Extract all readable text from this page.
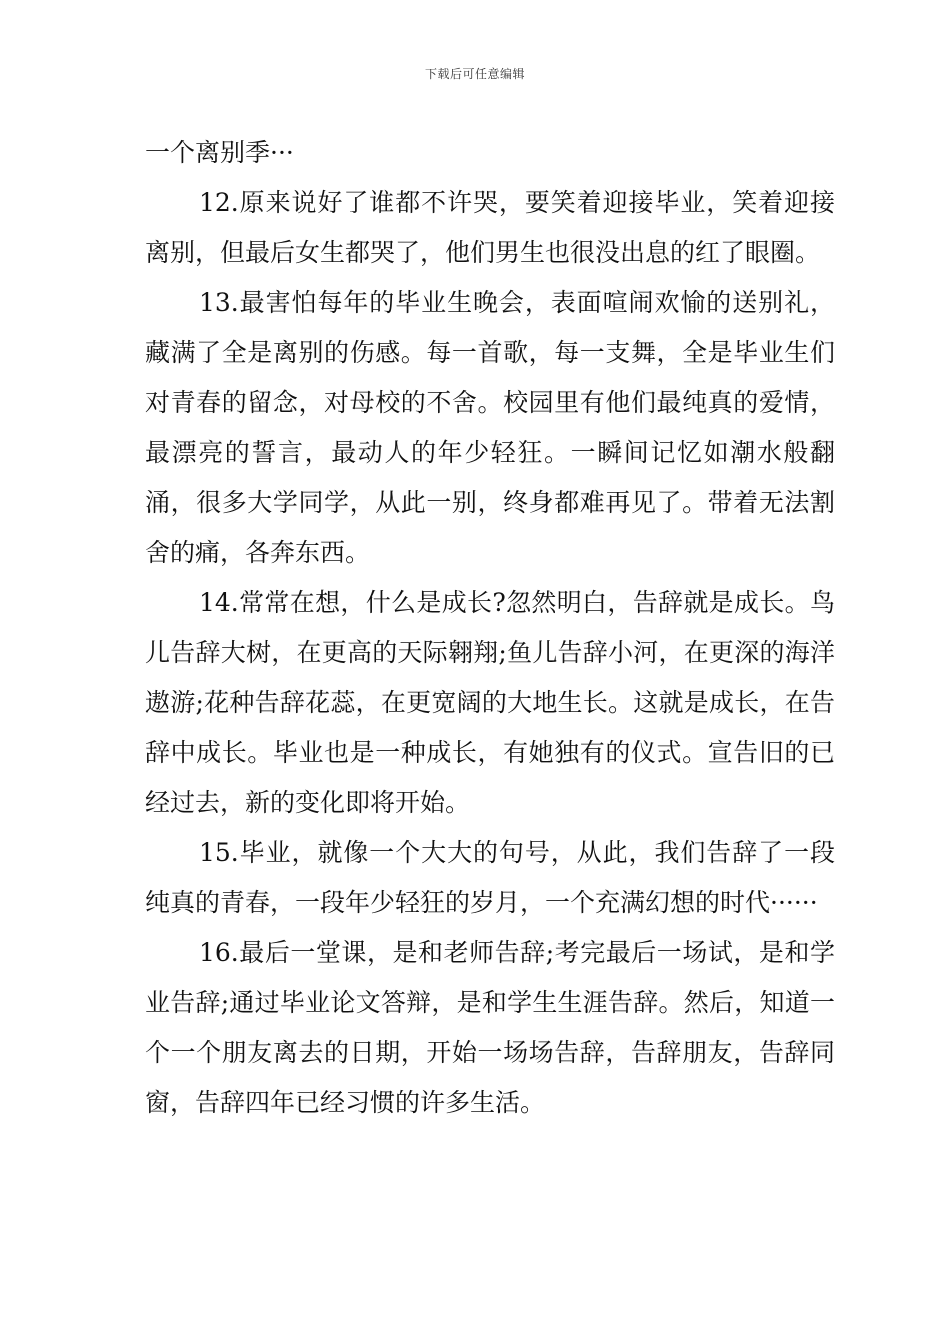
下载后可任意编辑

一个离别季···

12.原来说好了谁都不许哭，要笑着迎接毕业，笑着迎接离别，但最后女生都哭了，他们男生也很没出息的红了眼圈。

13.最害怕每年的毕业生晚会，表面喧闹欢愉的送别礼，藏满了全是离别的伤感。每一首歌，每一支舞，全是毕业生们对青春的留念，对母校的不舍。校园里有他们最纯真的爱情，最漂亮的誓言，最动人的年少轻狂。一瞬间记忆如潮水般翻涌，很多大学同学，从此一别，终身都难再见了。带着无法割舍的痛，各奔东西。

14.常常在想，什么是成长?忽然明白，告辞就是成长。鸟儿告辞大树，在更高的天际翱翔;鱼儿告辞小河，在更深的海洋遨游;花种告辞花蕊，在更宽阔的大地生长。这就是成长，在告辞中成长。毕业也是一种成长，有她独有的仪式。宣告旧的已经过去，新的变化即将开始。

15.毕业，就像一个大大的句号，从此，我们告辞了一段纯真的青春，一段年少轻狂的岁月，一个充满幻想的时代······

16.最后一堂课，是和老师告辞;考完最后一场试，是和学业告辞;通过毕业论文答辩，是和学生生涯告辞。然后，知道一个一个朋友离去的日期，开始一场场告辞，告辞朋友，告辞同窗，告辞四年已经习惯的许多生活。
